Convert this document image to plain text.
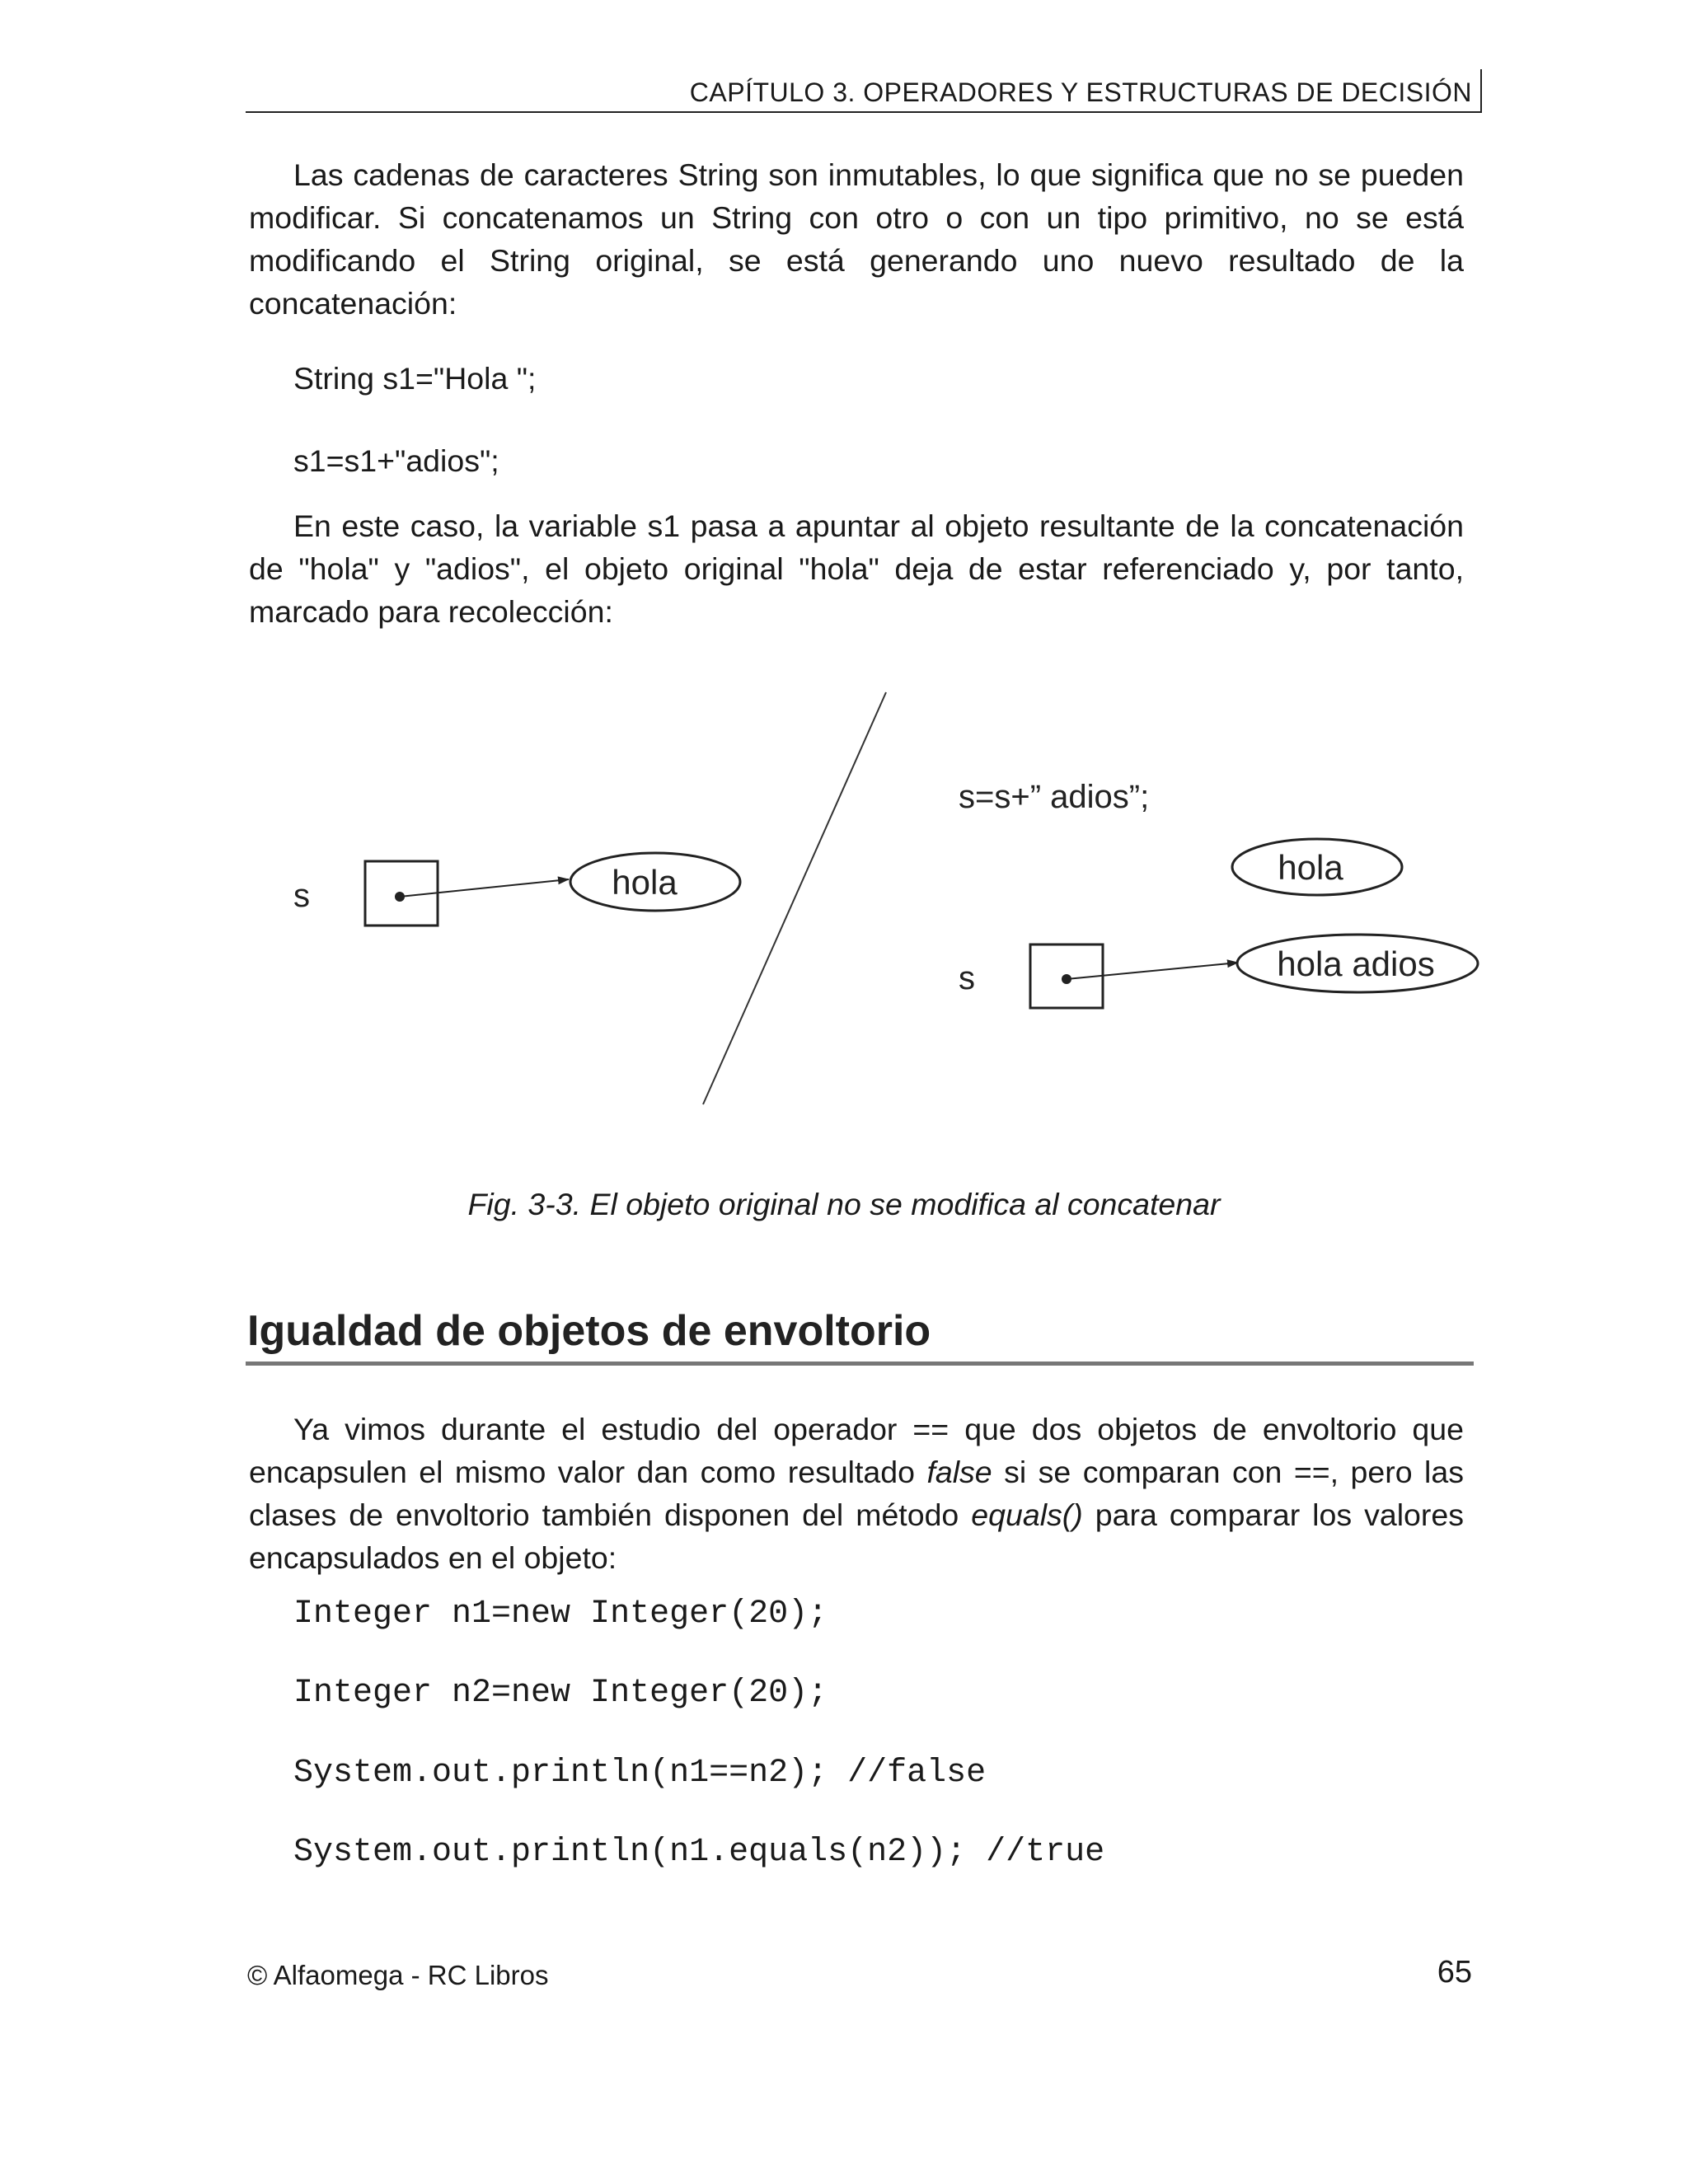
CAPÍTULO 3. OPERADORES Y ESTRUCTURAS DE DECISIÓN
Las cadenas de caracteres String son inmutables, lo que significa que no se pueden modificar. Si concatenamos un String con otro o con un tipo primitivo, no se está modificando el String original, se está generando uno nuevo resultado de la concatenación:
String s1="Hola ";
s1=s1+"adios";
En este caso, la variable s1 pasa a apuntar al objeto resultante de la concatenación de "hola" y "adios", el objeto original "hola" deja de estar referenciado y, por tanto, marcado para recolección:
s	hola
s=s+” adios”;
hola
s	hola adios
Fig. 3-3. El objeto original no se modifica al concatenar
Igualdad de objetos de envoltorio
Ya vimos durante el estudio del operador == que dos objetos de envoltorio que encapsulen el mismo valor dan como resultado false si se comparan con ==, pero las clases de envoltorio también disponen del método equals() para comparar los valores encapsulados en el objeto:
Integer n1=new Integer(20);
Integer n2=new Integer(20);
System.out.println(n1==n2); //false
System.out.println(n1.equals(n2)); //true
© Alfaomega - RC Libros	65
